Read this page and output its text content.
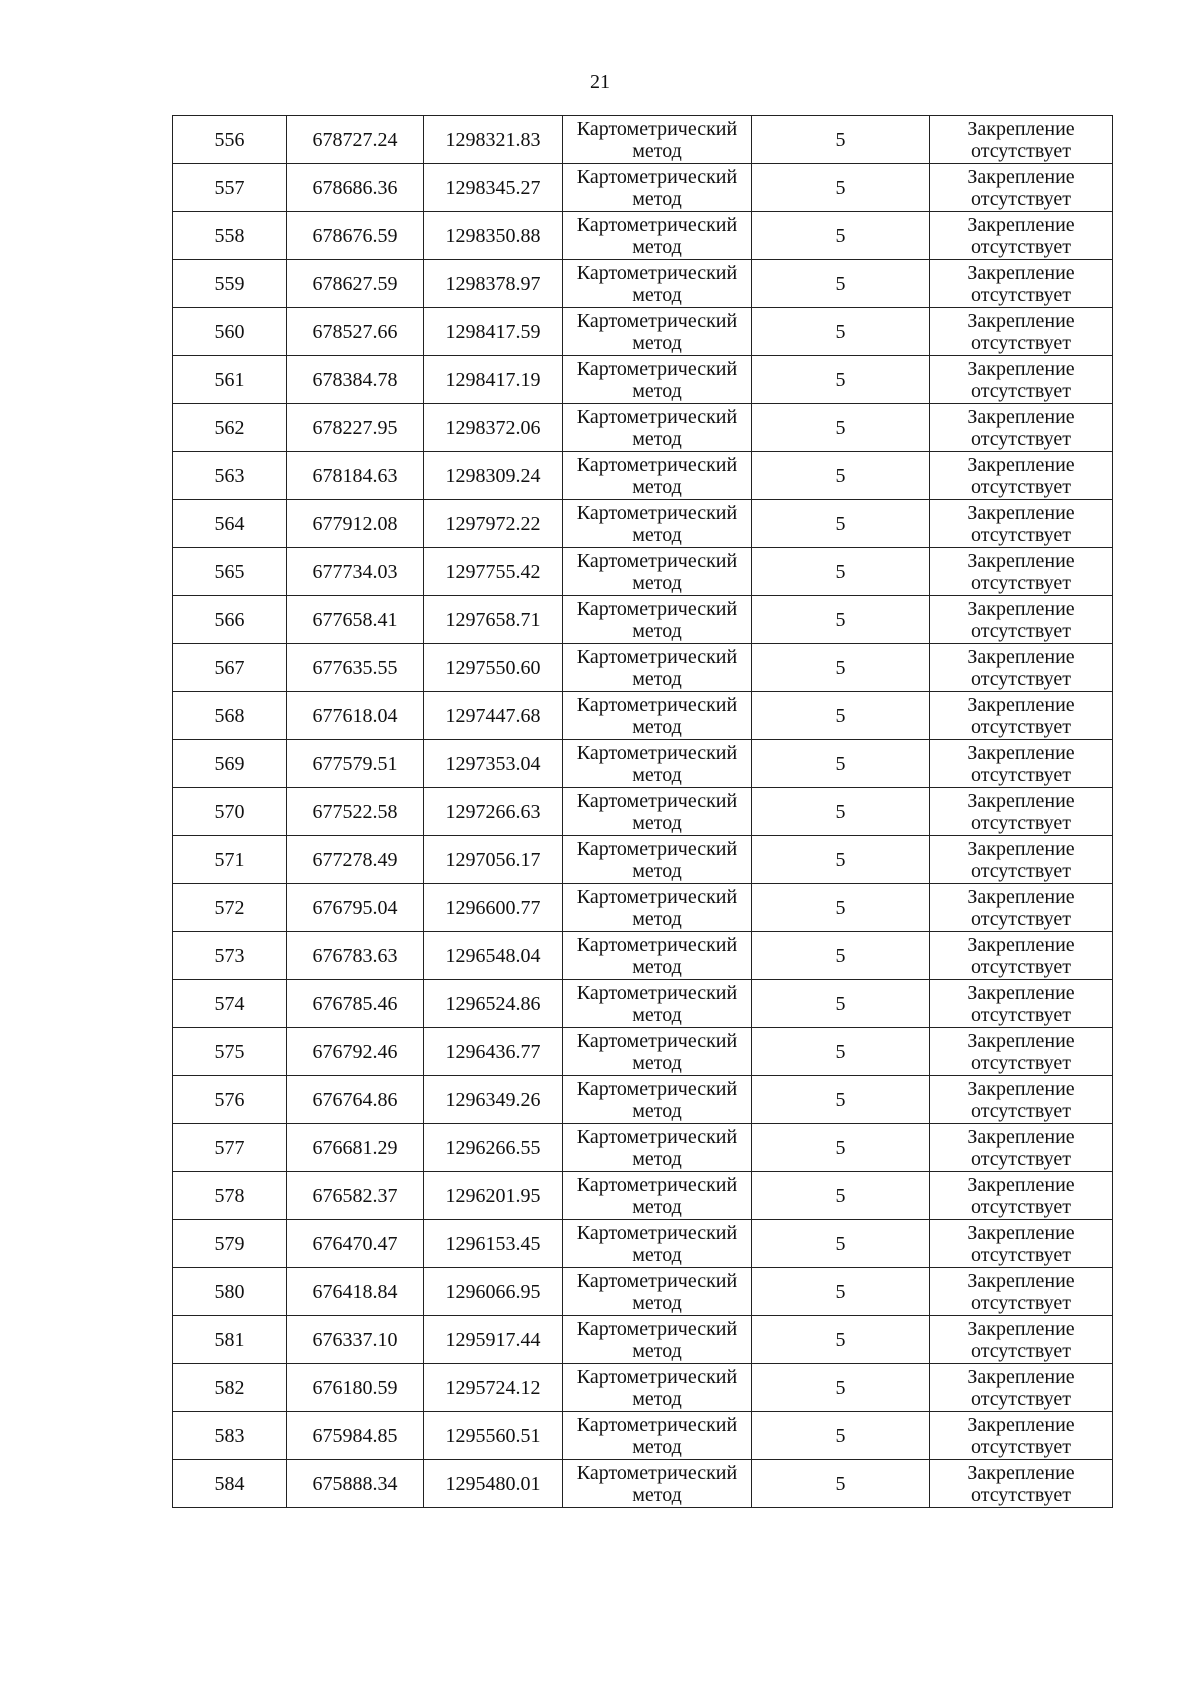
21
556	678727.24	1298321.83	Картометрический метод	5	Закрепление отсутствует
557	678686.36	1298345.27	Картометрический метод	5	Закрепление отсутствует
558	678676.59	1298350.88	Картометрический метод	5	Закрепление отсутствует
559	678627.59	1298378.97	Картометрический метод	5	Закрепление отсутствует
560	678527.66	1298417.59	Картометрический метод	5	Закрепление отсутствует
561	678384.78	1298417.19	Картометрический метод	5	Закрепление отсутствует
562	678227.95	1298372.06	Картометрический метод	5	Закрепление отсутствует
563	678184.63	1298309.24	Картометрический метод	5	Закрепление отсутствует
564	677912.08	1297972.22	Картометрический метод	5	Закрепление отсутствует
565	677734.03	1297755.42	Картометрический метод	5	Закрепление отсутствует
566	677658.41	1297658.71	Картометрический метод	5	Закрепление отсутствует
567	677635.55	1297550.60	Картометрический метод	5	Закрепление отсутствует
568	677618.04	1297447.68	Картометрический метод	5	Закрепление отсутствует
569	677579.51	1297353.04	Картометрический метод	5	Закрепление отсутствует
570	677522.58	1297266.63	Картометрический метод	5	Закрепление отсутствует
571	677278.49	1297056.17	Картометрический метод	5	Закрепление отсутствует
572	676795.04	1296600.77	Картометрический метод	5	Закрепление отсутствует
573	676783.63	1296548.04	Картометрический метод	5	Закрепление отсутствует
574	676785.46	1296524.86	Картометрический метод	5	Закрепление отсутствует
575	676792.46	1296436.77	Картометрический метод	5	Закрепление отсутствует
576	676764.86	1296349.26	Картометрический метод	5	Закрепление отсутствует
577	676681.29	1296266.55	Картометрический метод	5	Закрепление отсутствует
578	676582.37	1296201.95	Картометрический метод	5	Закрепление отсутствует
579	676470.47	1296153.45	Картометрический метод	5	Закрепление отсутствует
580	676418.84	1296066.95	Картометрический метод	5	Закрепление отсутствует
581	676337.10	1295917.44	Картометрический метод	5	Закрепление отсутствует
582	676180.59	1295724.12	Картометрический метод	5	Закрепление отсутствует
583	675984.85	1295560.51	Картометрический метод	5	Закрепление отсутствует
584	675888.34	1295480.01	Картометрический метод	5	Закрепление отсутствует
